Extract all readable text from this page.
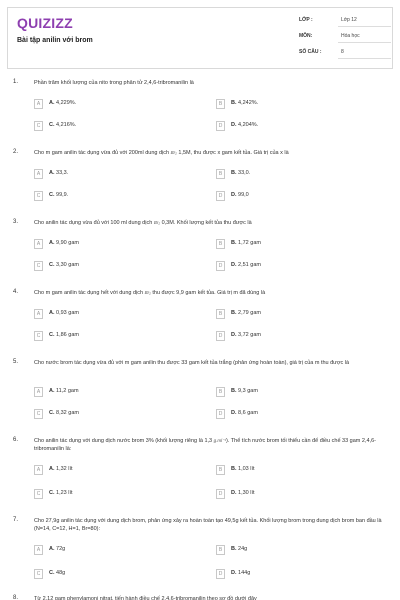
QUIZIZZ
Bài tập anilin với brom
LỚP :	Lớp 12
MÔN:	Hóa học
SỐ CÂU :	8
1.	Phần trăm khối lượng của nito trong phân tử 2,4,6-tribromanilin là
A	A. 4,229%.	B	B. 4,242%.
C	C. 4,216%.	D	D. 4,204%.
2.	Cho m gam anilin tác dụng vừa đủ với 200ml dung dịch Br₂ 1,5M, thu được x gam kết tủa. Giá trị của x là
A	A. 33,3.	B	B. 33,0.
C	C. 99,9.	D	D. 99,0
3.	Cho anilin tác dụng vừa đủ với 100 ml dung dịch Br₂ 0,3M. Khối lượng kết tủa thu được là
A	A. 9,90 gam	B	B. 1,72 gam
C	C. 3,30 gam	D	D. 2,51 gam
4.	Cho m gam anilin tác dụng hết với dung dịch Br₂ thu được 9,9 gam kết tủa. Giá trị m đã dùng là
A	A. 0,93 gam	B	B. 2,79 gam
C	C. 1,86 gam	D	D. 3,72 gam
5.	Cho nước brom tác dụng vừa đủ với m gam anilin thu được 33 gam kết tủa trắng (phản ứng hoàn toàn), giá trị của m thu được là
A	A. 11,2 gam	B	B. 9,3 gam
C	C. 8,32 gam	D	D. 8,6 gam
6.	Cho anilin tác dụng với dung dịch nước brom 3% (khối lượng riêng là 1,3 g.ml⁻¹). Thể tích nước brom tối thiểu cần để điều chế 33 gam 2,4,6-tribromanilin là:
A	A. 1,32 lít	B	B. 1,03 lít
C	C. 1,23 lít	D	D. 1,30 lít
7.	Cho 27,9g anilin tác dụng với dung dịch brom, phản ứng xảy ra hoàn toàn tạo 49,5g kết tủa. Khối lượng brom trong dung dịch brom ban đầu là (N=14, C=12, H=1, Br=80):
A	A. 72g	B	B. 24g
C	C. 48g	D	D. 144g
8.	Từ 2,12 gam phenylamoni nitrat, tiến hành điều chế 2,4,6-tribromanilin theo sơ đồ dưới đây
